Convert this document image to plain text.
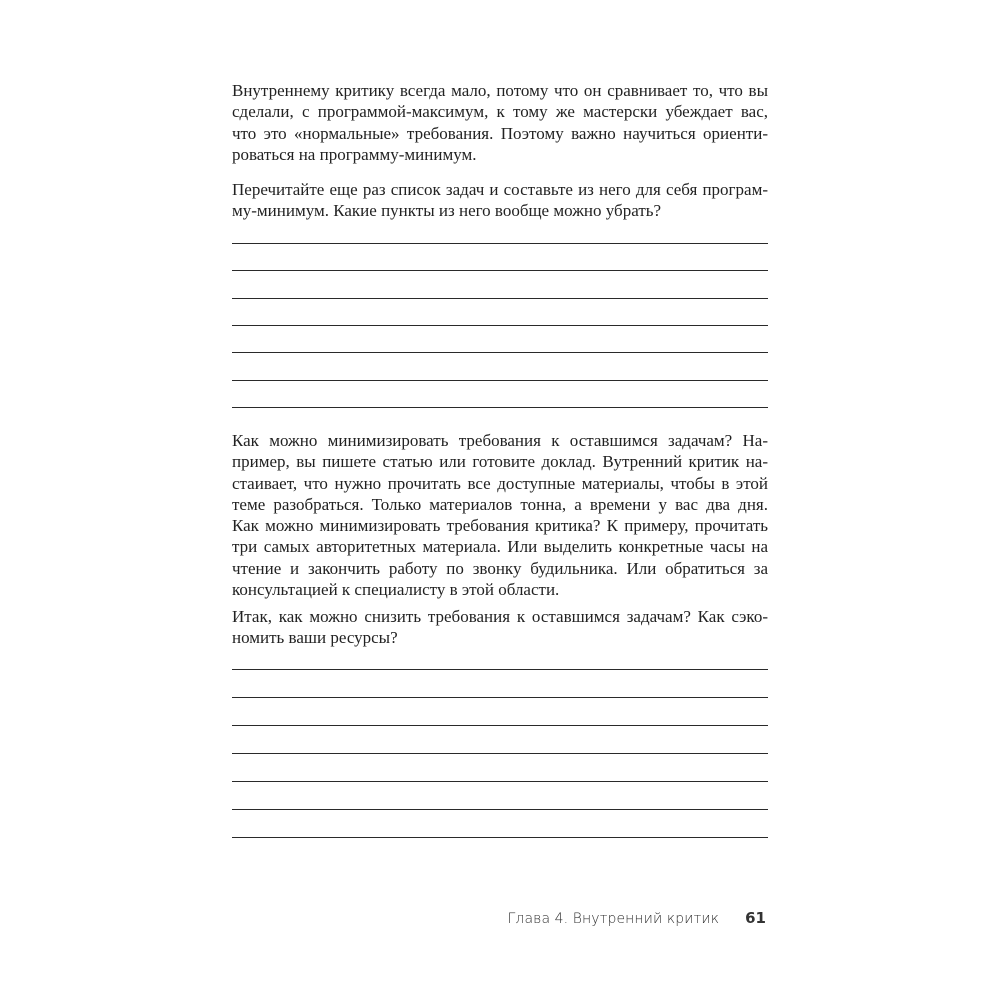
Внутреннему критику всегда мало, потому что он сравнивает то, что вы
сделали, с программой-максимум, к тому же мастерски убеждает вас,
что это «нормальные» требования. Поэтому важно научиться ориенти-
роваться на программу-минимум.
Перечитайте еще раз список задач и составьте из него для себя програм-
му-минимум. Какие пункты из него вообще можно убрать?
Как можно минимизировать требования к оставшимся задачам? На-
пример, вы пишете статью или готовите доклад. Вутренний критик на-
стаивает, что нужно прочитать все доступные материалы, чтобы в этой
теме разобраться. Только материалов тонна, а времени у вас два дня.
Как можно минимизировать требования критика? К примеру, прочитать
три самых авторитетных материала. Или выделить конкретные часы на
чтение и закончить работу по звонку будильника. Или обратиться за
консультацией к специалисту в этой области.
Итак, как можно снизить требования к оставшимся задачам? Как сэко-
номить ваши ресурсы?
Глава 4. Внутренний критик 61
